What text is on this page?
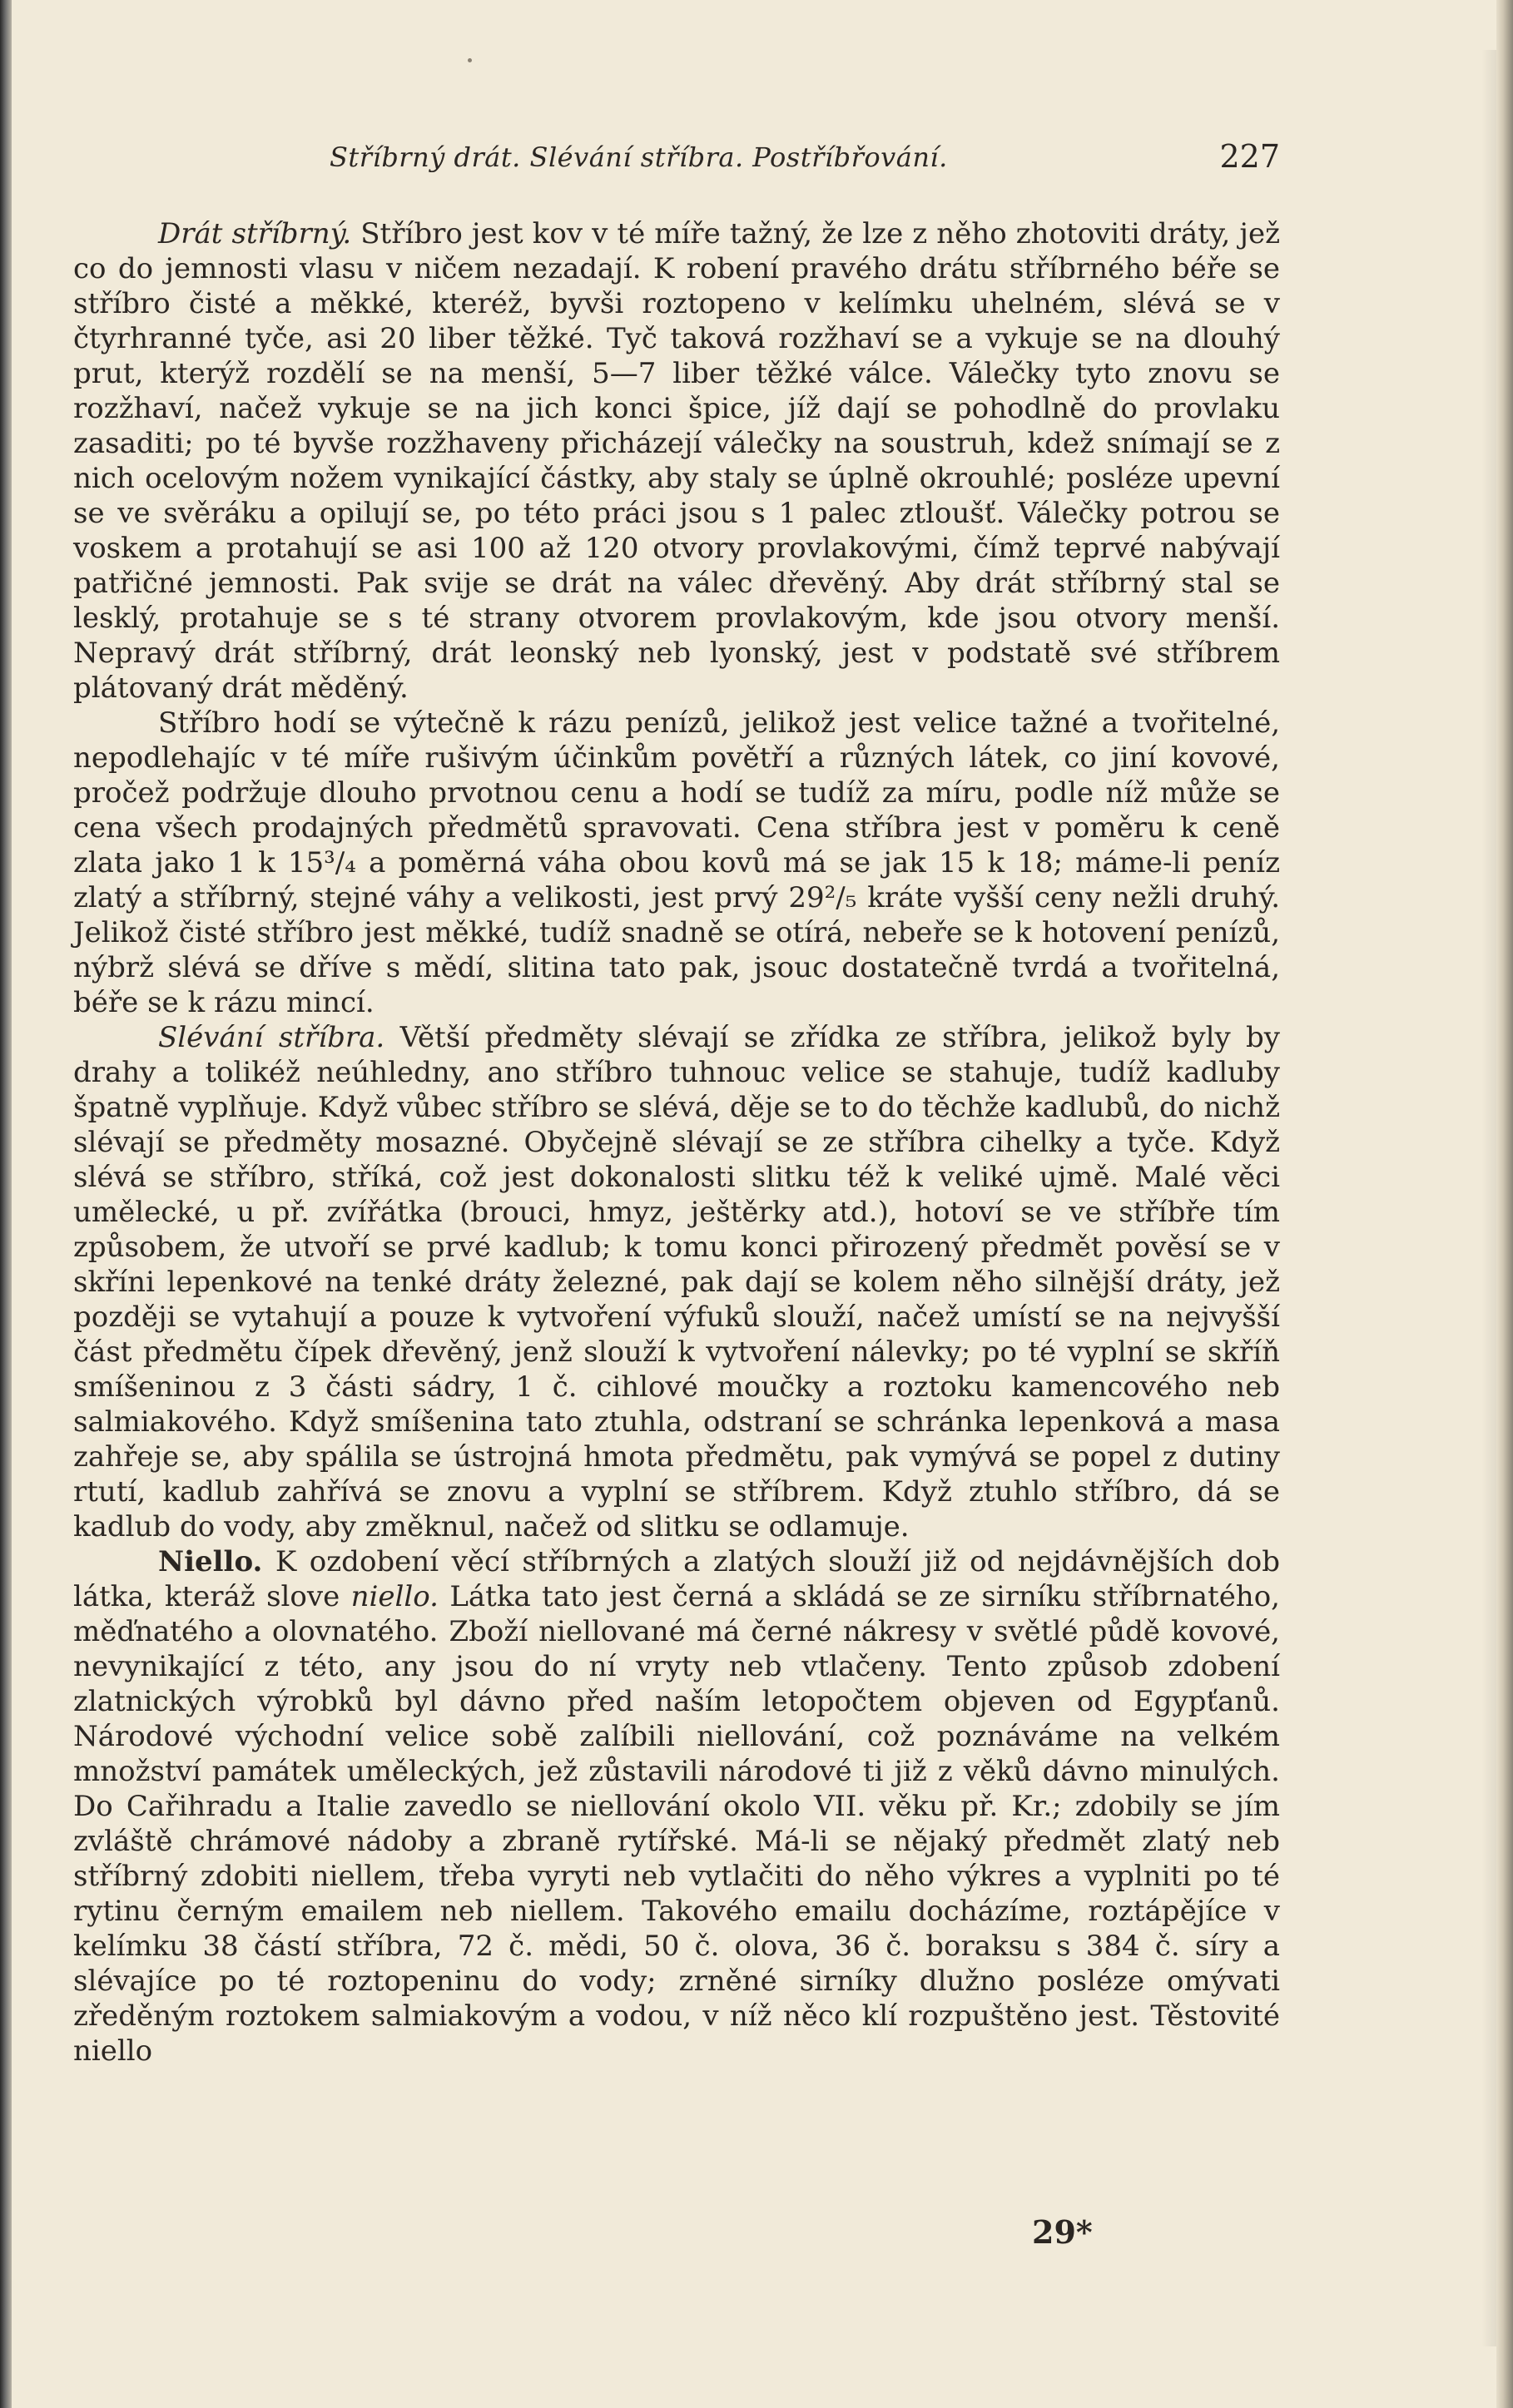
Stříbrný drát. Slévání stříbra. Postříbřování.	227

Drát stříbrný. Stříbro jest kov v té míře tažný, že lze z něho zhotoviti dráty, jež co do jemnosti vlasu v ničem nezadají. K robení pravého drátu stříbrného béře se stříbro čisté a měkké, kteréž, byvši roztopeno v kelímku uhelném, slévá se v čtyrhranné tyče, asi 20 liber těžké. Tyč taková rozžhaví se a vykuje se na dlouhý prut, kterýž rozdělí se na menší, 5—7 liber těžké válce. Válečky tyto znovu se rozžhaví, načež vykuje se na jich konci špice, jíž dají se pohodlně do provlaku zasaditi; po té byvše rozžhaveny přicházejí válečky na soustruh, kdež snímají se z nich ocelovým nožem vynikající částky, aby staly se úplně okrouhlé; posléze upevní se ve svěráku a opilují se, po této práci jsou s 1 palec ztloušť. Válečky potrou se voskem a protahují se asi 100 až 120 otvory provlakovými, čímž teprvé nabývají patřičné jemnosti. Pak svije se drát na válec dřevěný. Aby drát stříbrný stal se lesklý, protahuje se s té strany otvorem provlakovým, kde jsou otvory menší. Nepravý drát stříbrný, drát leonský neb lyonský, jest v podstatě své stříbrem plátovaný drát měděný.

Stříbro hodí se výtečně k rázu penízů, jelikož jest velice tažné a tvořitelné, nepodlehajíc v té míře rušivým účinkům povětří a různých látek, co jiní kovové, pročež podržuje dlouho prvotnou cenu a hodí se tudíž za míru, podle níž může se cena všech prodajných předmětů spravovati. Cena stříbra jest v poměru k ceně zlata jako 1 k 15³/₄ a poměrná váha obou kovů má se jak 15 k 18; máme-li peníz zlatý a stříbrný, stejné váhy a velikosti, jest prvý 29²/₅ kráte vyšší ceny nežli druhý. Jelikož čisté stříbro jest měkké, tudíž snadně se otírá, nebeře se k hotovení penízů, nýbrž slévá se dříve s mědí, slitina tato pak, jsouc dostatečně tvrdá a tvořitelná, béře se k rázu mincí.

Slévání stříbra. Větší předměty slévají se zřídka ze stříbra, jelikož byly by drahy a tolikéž neúhledny, ano stříbro tuhnouc velice se stahuje, tudíž kadluby špatně vyplňuje. Když vůbec stříbro se slévá, děje se to do těchže kadlubů, do nichž slévají se předměty mosazné. Obyčejně slévají se ze stříbra cihelky a tyče. Když slévá se stříbro, stříká, což jest dokonalosti slitku též k veliké ujmě. Malé věci umělecké, u př. zvířátka (brouci, hmyz, ještěrky atd.), hotoví se ve stříbře tím způsobem, že utvoří se prvé kadlub; k tomu konci přirozený předmět pověsí se v skříni lepenkové na tenké dráty železné, pak dají se kolem něho silnější dráty, jež později se vytahují a pouze k vytvoření výfuků slouží, načež umístí se na nejvyšší část předmětu čípek dřevěný, jenž slouží k vytvoření nálevky; po té vyplní se skříň smíšeninou z 3 části sádry, 1 č. cihlové moučky a roztoku kamencového neb salmiakového. Když smíšenina tato ztuhla, odstraní se schránka lepenková a masa zahřeje se, aby spálila se ústrojná hmota předmětu, pak vymývá se popel z dutiny rtutí, kadlub zahřívá se znovu a vyplní se stříbrem. Když ztuhlo stříbro, dá se kadlub do vody, aby změknul, načež od slitku se odlamuje.

Niello. K ozdobení věcí stříbrných a zlatých slouží již od nejdávnějších dob látka, kteráž slove niello. Látka tato jest černá a skládá se ze sirníku stříbrnatého, měďnatého a olovnatého. Zboží niellované má černé nákresy v světlé půdě kovové, nevynikající z této, any jsou do ní vryty neb vtlačeny. Tento způsob zdobení zlatnických výrobků byl dávno před naším letopočtem objeven od Egypťanů. Národové východní velice sobě zalíbili niellování, což poznáváme na velkém množství památek uměleckých, jež zůstavili národové ti již z věků dávno minulých. Do Cařihradu a Italie zavedlo se niellování okolo VII. věku př. Kr.; zdobily se jím zvláště chrámové nádoby a zbraně rytířské. Má-li se nějaký předmět zlatý neb stříbrný zdobiti niellem, třeba vyryti neb vytlačiti do něho výkres a vyplniti po té rytinu černým emailem neb niellem. Takového emailu docházíme, roztápějíce v kelímku 38 částí stříbra, 72 č. mědi, 50 č. olova, 36 č. boraksu s 384 č. síry a slévajíce po té roztopeninu do vody; zrněné sirníky dlužno posléze omývati zředěným roztokem salmiakovým a vodou, v níž něco klí rozpuštěno jest. Těstovité niello

29*
